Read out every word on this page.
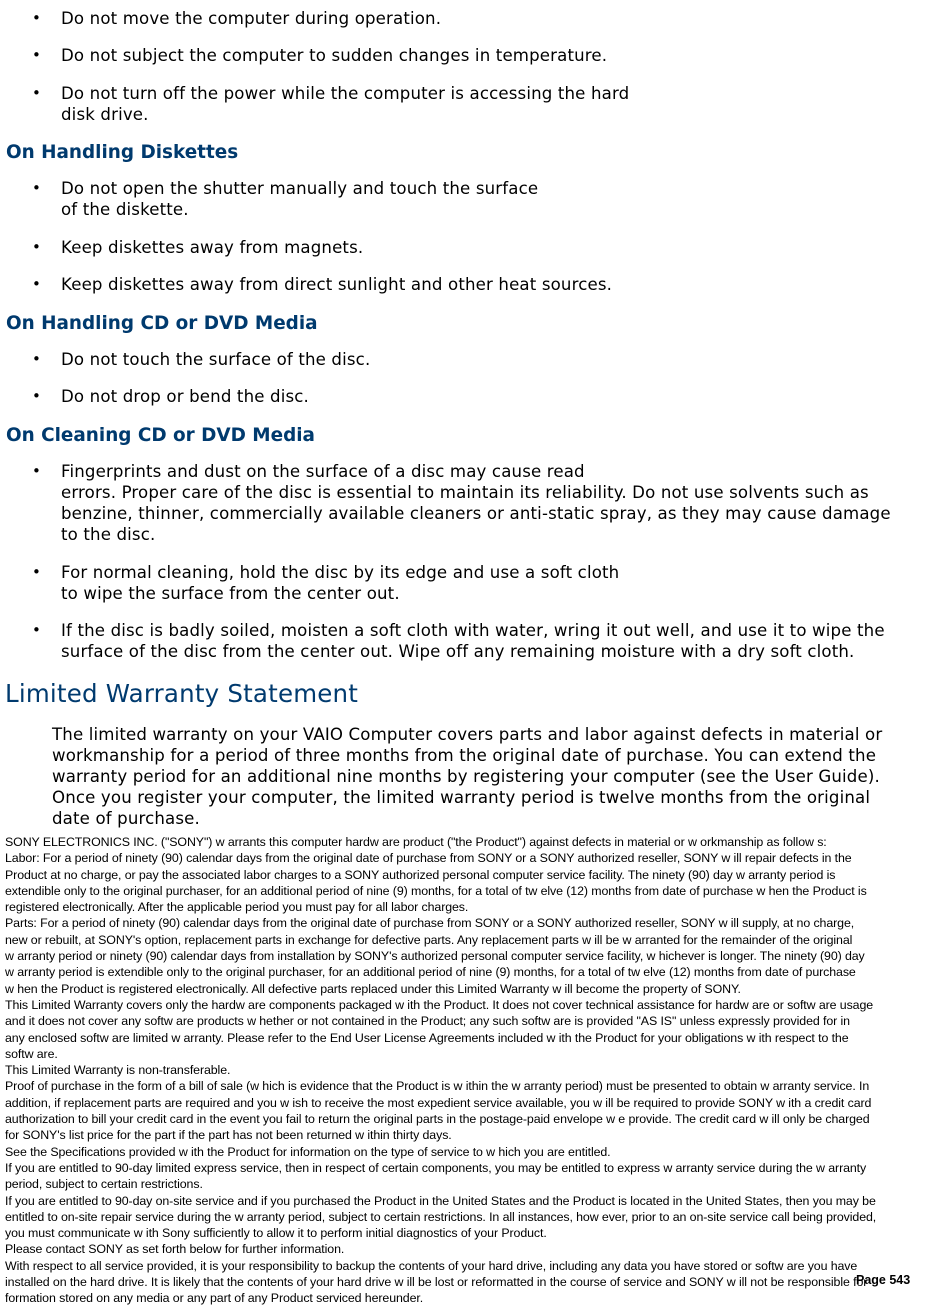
• Do not move the computer during operation.
• Do not subject the computer to sudden changes in temperature.
• Do not turn off the power while the computer is accessing the hard
disk drive.
On Handling Diskettes
• Do not open the shutter manually and touch the surface
of the diskette.
• Keep diskettes away from magnets.
• Keep diskettes away from direct sunlight and other heat sources.
On Handling CD or DVD Media
• Do not touch the surface of the disc.
• Do not drop or bend the disc.
On Cleaning CD or DVD Media
• Fingerprints and dust on the surface of a disc may cause read
errors. Proper care of the disc is essential to maintain its reliability. Do not use solvents such as
benzine, thinner, commercially available cleaners or anti-static spray, as they may cause damage
to the disc.
• For normal cleaning, hold the disc by its edge and use a soft cloth
to wipe the surface from the center out.
• If the disc is badly soiled, moisten a soft cloth with water, wring it out well, and use it to wipe the
surface of the disc from the center out. Wipe off any remaining moisture with a dry soft cloth.
Limited Warranty Statement
The limited warranty on your VAIO Computer covers parts and labor against defects in material or
workmanship for a period of three months from the original date of purchase. You can extend the
warranty period for an additional nine months by registering your computer (see the User Guide).
Once you register your computer, the limited warranty period is twelve months from the original
date of purchase.
SONY ELECTRONICS INC. ("SONY") w arrants this computer hardw are product ("the Product") against defects in material or w orkmanship as follow s:
Labor: For a period of ninety (90) calendar days from the original date of purchase from SONY or a SONY authorized reseller, SONY w ill repair defects in the
Product at no charge, or pay the associated labor charges to a SONY authorized personal computer service facility. The ninety (90) day w arranty period is
extendible only to the original purchaser, for an additional period of nine (9) months, for a total of tw elve (12) months from date of purchase w hen the Product is
registered electronically. After the applicable period you must pay for all labor charges.
Parts: For a period of ninety (90) calendar days from the original date of purchase from SONY or a SONY authorized reseller, SONY w ill supply, at no charge,
new or rebuilt, at SONY's option, replacement parts in exchange for defective parts. Any replacement parts w ill be w arranted for the remainder of the original
w arranty period or ninety (90) calendar days from installation by SONY's authorized personal computer service facility, w hichever is longer. The ninety (90) day
w arranty period is extendible only to the original purchaser, for an additional period of nine (9) months, for a total of tw elve (12) months from date of purchase
w hen the Product is registered electronically. All defective parts replaced under this Limited Warranty w ill become the property of SONY.
This Limited Warranty covers only the hardw are components packaged w ith the Product. It does not cover technical assistance for hardw are or softw are usage
and it does not cover any softw are products w hether or not contained in the Product; any such softw are is provided "AS IS" unless expressly provided for in
any enclosed softw are limited w arranty. Please refer to the End User License Agreements included w ith the Product for your obligations w ith respect to the
softw are.
This Limited Warranty is non-transferable.
Proof of purchase in the form of a bill of sale (w hich is evidence that the Product is w ithin the w arranty period) must be presented to obtain w arranty service. In
addition, if replacement parts are required and you w ish to receive the most expedient service available, you w ill be required to provide SONY w ith a credit card
authorization to bill your credit card in the event you fail to return the original parts in the postage-paid envelope w e provide. The credit card w ill only be charged
for SONY's list price for the part if the part has not been returned w ithin thirty days.
See the Specifications provided w ith the Product for information on the type of service to w hich you are entitled.
If you are entitled to 90-day limited express service, then in respect of certain components, you may be entitled to express w arranty service during the w arranty
period, subject to certain restrictions.
If you are entitled to 90-day on-site service and if you purchased the Product in the United States and the Product is located in the United States, then you may be
entitled to on-site repair service during the w arranty period, subject to certain restrictions. In all instances, how ever, prior to an on-site service call being provided,
you must communicate w ith Sony sufficiently to allow it to perform initial diagnostics of your Product.
Please contact SONY as set forth below for further information.
With respect to all service provided, it is your responsibility to backup the contents of your hard drive, including any data you have stored or softw are you have
installed on the hard drive. It is likely that the contents of your hard drive w ill be lost or reformatted in the course of service and SONY w ill not be responsible for
formation stored on any media or any part of any Product serviced hereunder.
Page 543
